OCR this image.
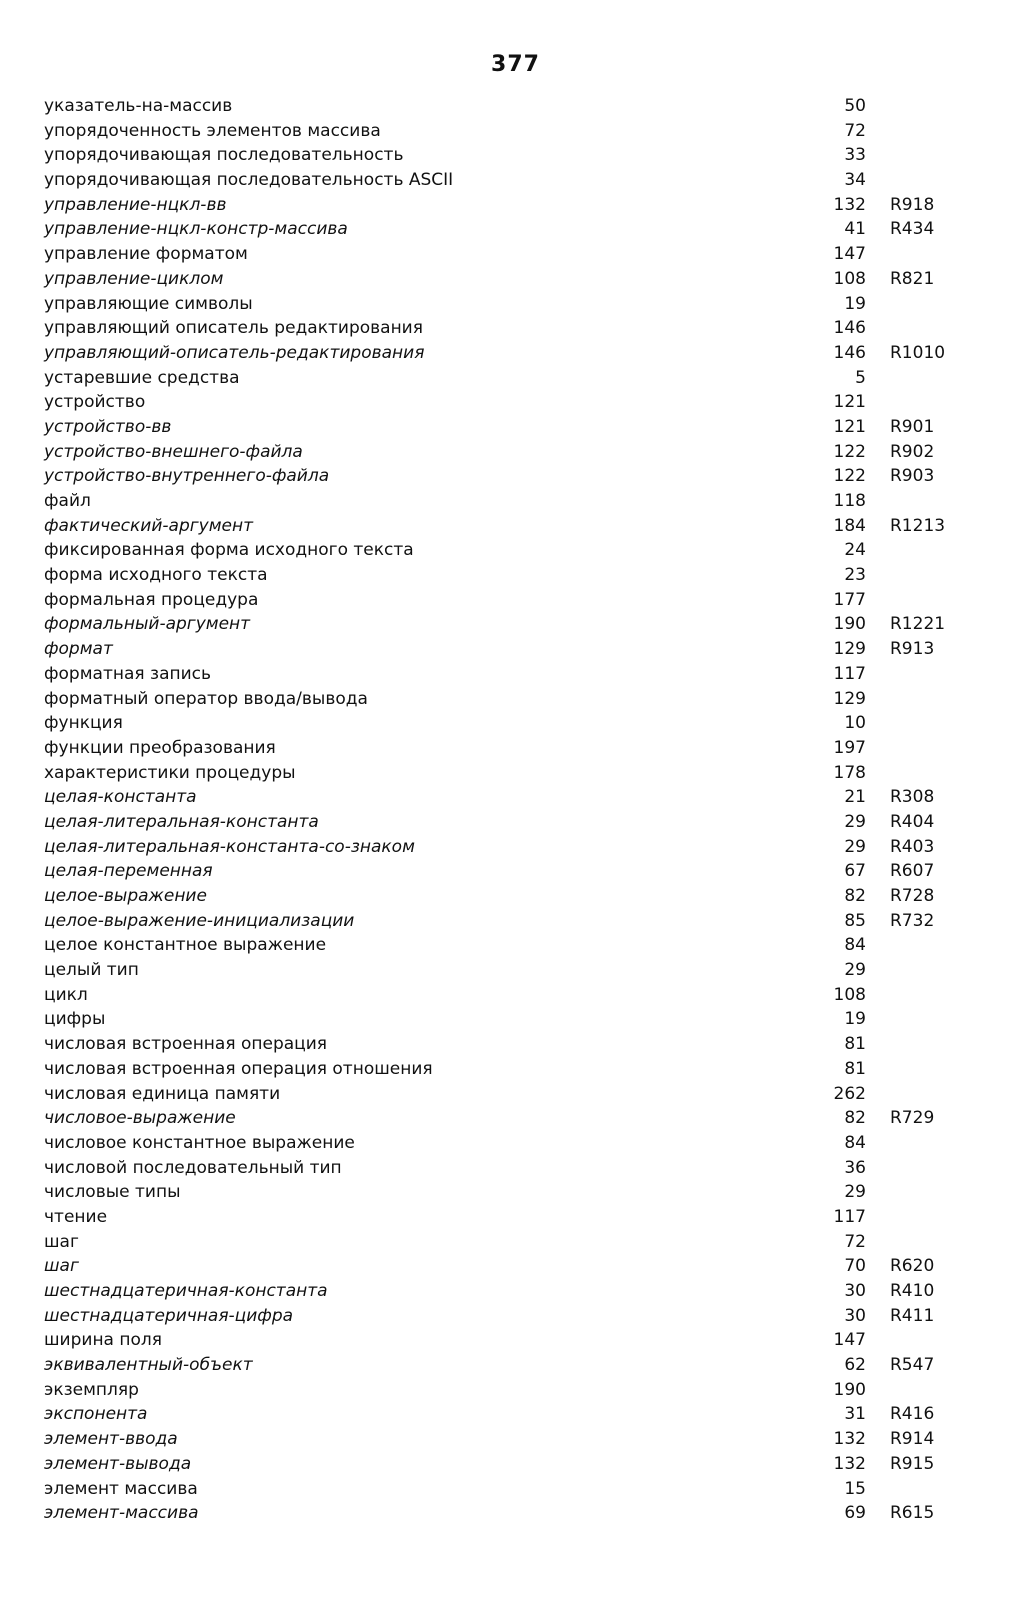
377
указатель-на-массив	50
упорядоченность элементов массива	72
упорядочивающая последовательность	33
упорядочивающая последовательность ASCII	34
управление-нцкл-вв	132 R918
управление-нцкл-констр-массива	41 R434
управление форматом	147
управление-циклом	108 R821
управляющие символы	19
управляющий описатель редактирования	146
управляющий-описатель-редактирования	146 R1010
устаревшие средства	5
устройство	121
устройство-вв	121 R901
устройство-внешнего-файла	122 R902
устройство-внутреннего-файла	122 R903
файл	118
фактический-аргумент	184 R1213
фиксированная форма исходного текста	24
форма исходного текста	23
формальная процедура	177
формальный-аргумент	190 R1221
формат	129 R913
форматная запись	117
форматный оператор ввода/вывода	129
функция	10
функции преобразования	197
характеристики процедуры	178
целая-константа	21 R308
целая-литеральная-константа	29 R404
целая-литеральная-константа-со-знаком	29 R403
целая-переменная	67 R607
целое-выражение	82 R728
целое-выражение-инициализации	85 R732
целое константное выражение	84
целый тип	29
цикл	108
цифры	19
числовая встроенная операция	81
числовая встроенная операция отношения	81
числовая единица памяти	262
числовое-выражение	82 R729
числовое константное выражение	84
числовой последовательный тип	36
числовые типы	29
чтение	117
шаг	72
шаг	70 R620
шестнадцатеричная-константа	30 R410
шестнадцатеричная-цифра	30 R411
ширина поля	147
эквивалентный-объект	62 R547
экземпляр	190
экспонента	31 R416
элемент-ввода	132 R914
элемент-вывода	132 R915
элемент массива	15
элемент-массива	69 R615
